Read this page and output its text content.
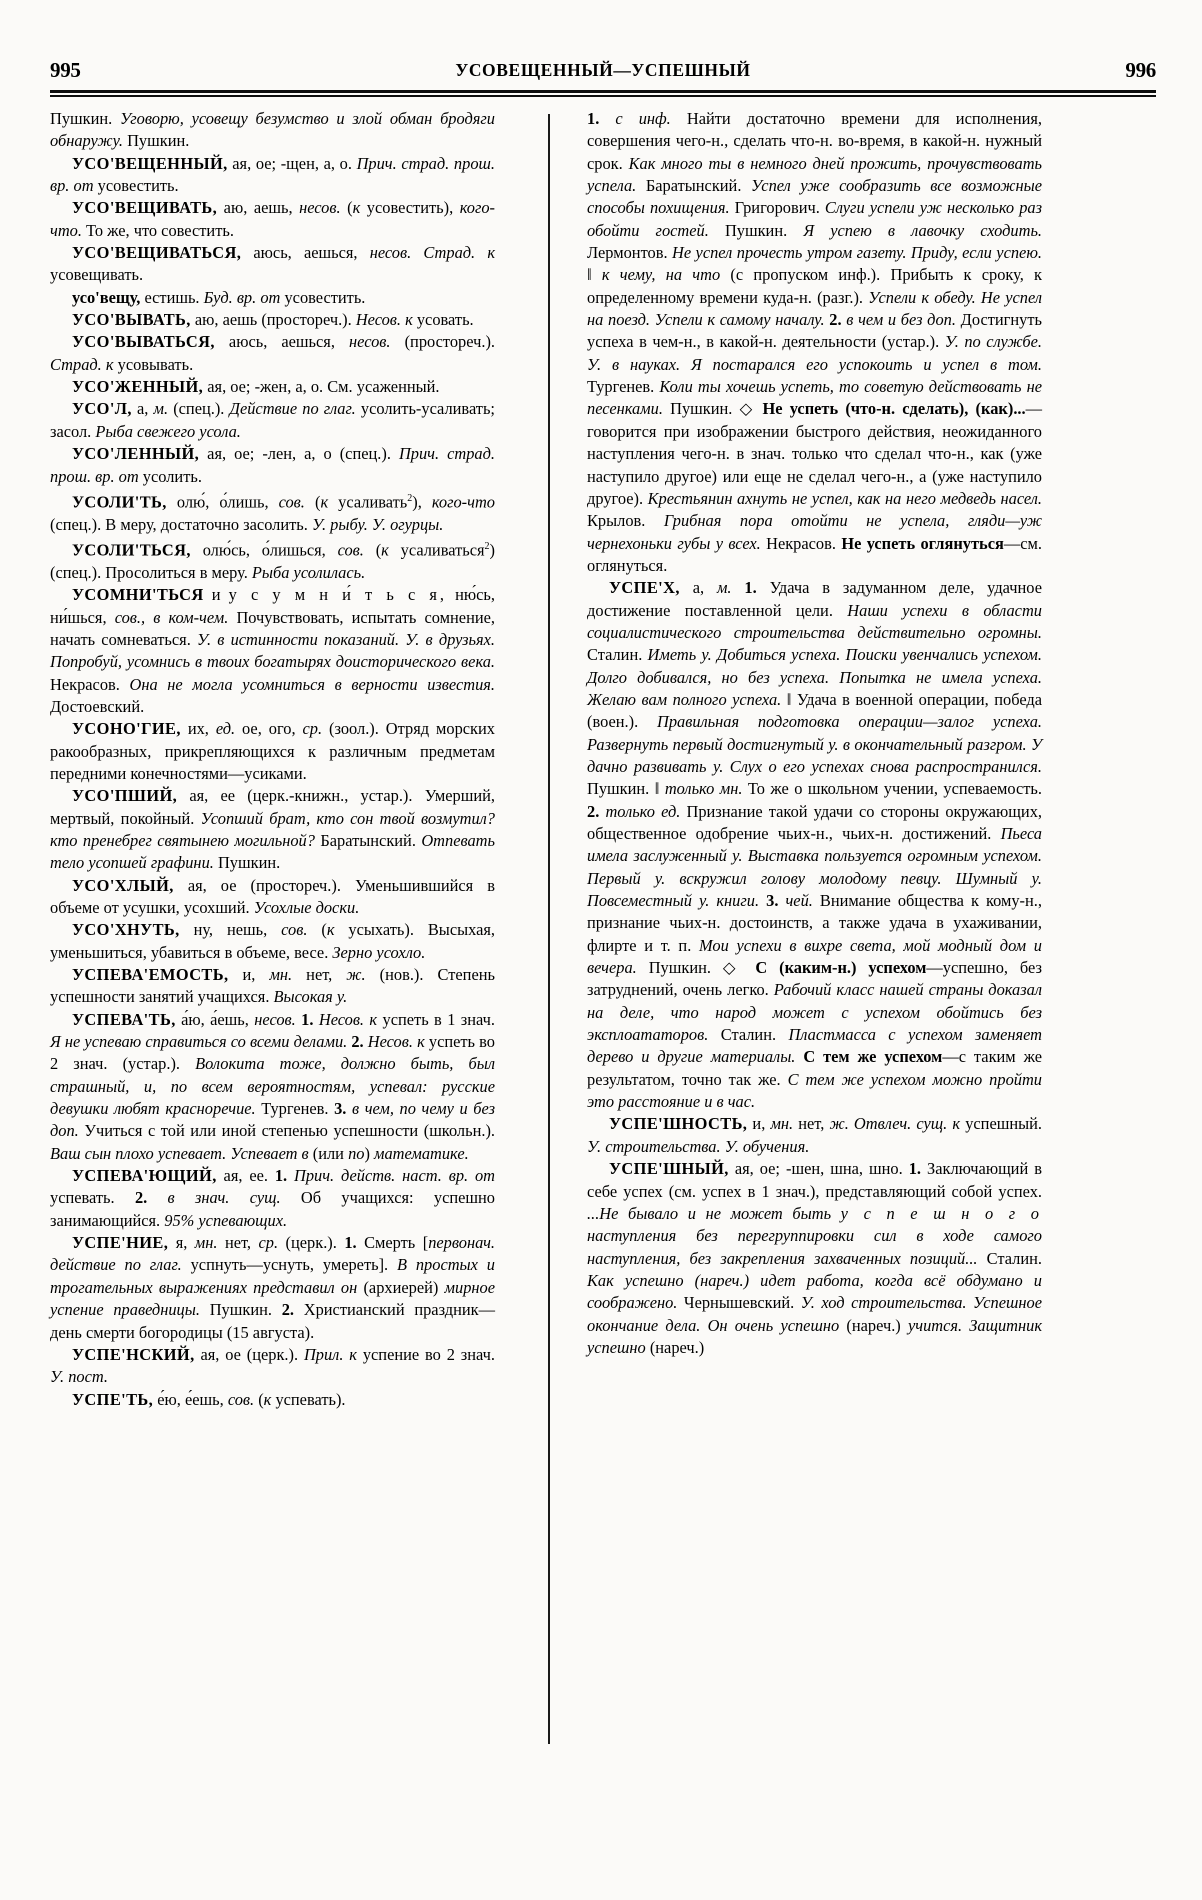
995	УСОВЕЩЕННЫЙ—УСПЕШНЫЙ	996

Пушкин. Уговорю, усовещу безумство и злой обман бродяги обнаружу. Пушкин.

УСО'ВЕЩЕННЫЙ, ая, ое; -щен, а, о. Прич. страд. прош. вр. от усовестить.

УСО'ВЕЩИВАТЬ, аю, аешь, несов. (к усовестить), кого-что. То же, что совестить.

УСО'ВЕЩИВАТЬСЯ, аюсь, аешься, несов. Страд. к усовещивать.

усо'вещу, естишь. Буд. вр. от усовестить.

УСО'ВЫВАТЬ, аю, аешь (простореч.). Несов. к усовать.

УСО'ВЫВАТЬСЯ, аюсь, аешься, несов. (простореч.). Страд. к усовывать.

УСО'ЖЕННЫЙ, ая, ое; -жен, а, о. См. усаженный.

УСО'Л, а, м. (спец.). Действие по глаг. усолить-усаливать; засол. Рыба свежего усола.

УСО'ЛЕННЫЙ, ая, ое; -лен, а, о (спец.). Прич. страд. прош. вр. от усолить.

УСОЛИ'ТЬ, олю́, о́лишь, сов. (к усаливать$^2$), кого-что (спец.). В меру, достаточно засолить. У. рыбу. У. огурцы.

УСОЛИ'ТЬСЯ, олю́сь, о́лишься, сов. (к усаливаться$^2$) (спец.). Просолиться в меру. Рыба усолилась.

УСОМНИ'ТЬСЯ и у с у м н и́ т ь с я, ню́сь, ни́шься, сов., в ком-чем. Почувствовать, испытать сомнение, начать сомневаться. У. в истинности показаний. У. в друзьях. Попробуй, усомнись в твоих богатырях доисторического века. Некрасов. Она не могла усомниться в верности известия. Достоевский.

УСОНО'ГИЕ, их, ед. ое, ого, ср. (зоол.). Отряд морских ракообразных, прикрепляющихся к различным предметам передними конечностями—усиками.

УСО'ПШИЙ, ая, ее (церк.-книжн., устар.). Умерший, мертвый, покойный. Усопший брат, кто сон твой возмутил? кто пренебрег святынею могильной? Баратынский. Отпевать тело усопшей графини. Пушкин.

УСО'ХЛЫЙ, ая, ое (простореч.). Уменьшившийся в объеме от усушки, усохший. Усохлые доски.

УСО'ХНУТЬ, ну, нешь, сов. (к усыхать). Высыхая, уменьшиться, убавиться в объеме, весе. Зерно усохло.

УСПЕВА'ЕМОСТЬ, и, мн. нет, ж. (нов.). Степень успешности занятий учащихся. Высокая у.

УСПЕВА'ТЬ, а́ю, а́ешь, несов. 1. Несов. к успеть в 1 знач. Я не успеваю справиться со всеми делами. 2. Несов. к успеть во 2 знач. (устар.). Волокита тоже, должно быть, был страшный, и, по всем вероятностям, успевал: русские девушки любят красноречие. Тургенев. 3. в чем, по чему и без доп. Учиться с той или иной степенью успешности (школьн.). Ваш сын плохо успевает. Успевает в (или по) математике.

УСПЕВА'ЮЩИЙ, ая, ее. 1. Прич. действ. наст. вр. от успевать. 2. в знач. сущ. Об учащихся: успешно занимающийся. 95% успевающих.

УСПЕ'НИЕ, я, мн. нет, ср. (церк.). 1. Смерть [первонач. действие по глаг. успнуть—уснуть, умереть]. В простых и трогательных выражениях представил он (архиерей) мирное успение праведницы. Пушкин. 2. Христианский праздник—день смерти богородицы (15 августа).

УСПЕ'НСКИЙ, ая, ое (церк.). Прил. к успение во 2 знач. У. пост.

УСПЕ'ТЬ, е́ю, е́ешь, сов. (к успевать).

1. с инф. Найти достаточно времени для исполнения, совершения чего-н., сделать что-н. во-время, в какой-н. нужный срок. Как много ты в немного дней прожить, прочувствовать успела. Баратынский. Успел уже сообразить все возможные способы похищения. Григорович. Слуги успели уж несколько раз обойти гостей. Пушкин. Я успею в лавочку сходить. Лермонтов. Не успел прочесть утром газету. Приду, если успею. ‖ к чему, на что (с пропуском инф.). Прибыть к сроку, к определенному времени куда-н. (разг.). Успели к обеду. Не успел на поезд. Успели к самому началу. 2. в чем и без доп. Достигнуть успеха в чем-н., в какой-н. деятельности (устар.). У. по службе. У. в науках. Я постарался его успокоить и успел в том. Тургенев. Коли ты хочешь успеть, то советую действовать не песенками. Пушкин. ◇ Не успеть (что-н. сделать), (как)...—говорится при изображении быстрого действия, неожиданного наступления чего-н. в знач. только что сделал что-н., как (уже наступило другое) или еще не сделал чего-н., а (уже наступило другое). Крестьянин ахнуть не успел, как на него медведь насел. Крылов. Грибная пора отойти не успела, гляди—уж чернехоньки губы у всех. Некрасов. Не успеть оглянуться—см. оглянуться.

УСПЕ'Х, а, м. 1. Удача в задуманном деле, удачное достижение поставленной цели. Наши успехи в области социалистического строительства действительно огромны. Сталин. Иметь у. Добиться успеха. Поиски увенчались успехом. Долго добивался, но без успеха. Попытка не имела успеха. Желаю вам полного успеха. ‖ Удача в военной операции, победа (воен.). Правильная подготовка операции—залог успеха. Развернуть первый достигнутый у. в окончательный разгром. У дачно развивать у. Слух о его успехах снова распространился. Пушкин. ‖ только мн. То же о школьном учении, успеваемость. 2. только ед. Признание такой удачи со стороны окружающих, общественное одобрение чьих-н., чьих-н. достижений. Пьеса имела заслуженный у. Выставка пользуется огромным успехом. Первый у. вскружил голову молодому певцу. Шумный у. Повсеместный у. книги. 3. чей. Внимание общества к кому-н., признание чьих-н. достоинств, а также удача в ухаживании, флирте и т. п. Мои успехи в вихре света, мой модный дом и вечера. Пушкин. ◇ С (каким-н.) успехом—успешно, без затруднений, очень легко. Рабочий класс нашей страны доказал на деле, что народ может с успехом обойтись без эксплоататоров. Сталин. Пластмасса с успехом заменяет дерево и другие материалы. С тем же успехом—с таким же результатом, точно так же. С тем же успехом можно пройти это расстояние и в час.

УСПЕ'ШНОСТЬ, и, мн. нет, ж. Отвлеч. сущ. к успешный. У. строительства. У. обучения.

УСПЕ'ШНЫЙ, ая, ое; -шен, шна, шно. 1. Заключающий в себе успех (см. успех в 1 знач.), представляющий собой успех. ...Не бывало и не может быть у с п е ш н о г о наступления без перегруппировки сил в ходе самого наступления, без закрепления захваченных позиций... Сталин. Как успешно (нареч.) идет работа, когда всё обдумано и соображено. Чернышевский. У. ход строительства. Успешное окончание дела. Он очень успешно (нареч.) учится. Защитник успешно (нареч.)
